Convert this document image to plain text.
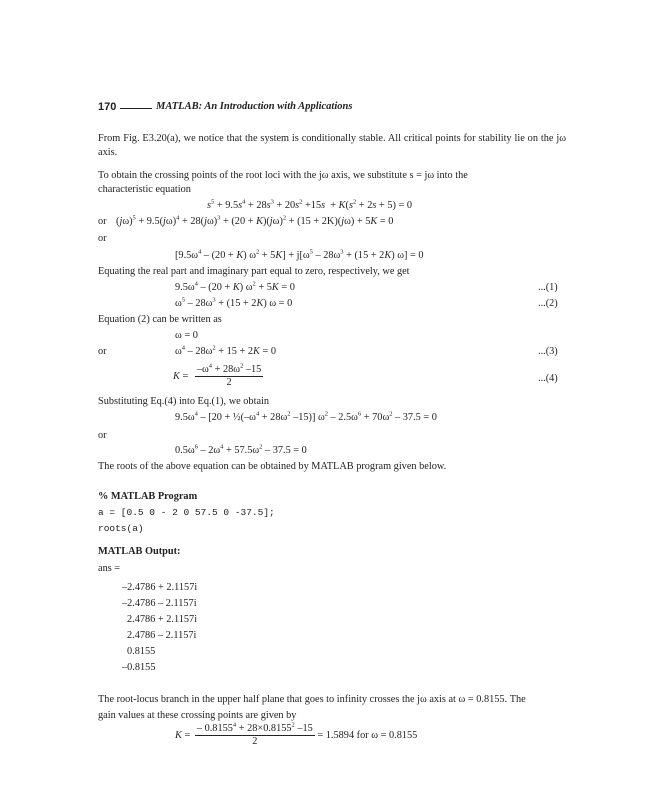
170	MATLAB: An Introduction with Applications
From Fig. E3.20(a), we notice that the system is conditionally stable. All critical points for stability lie on the jω axis.
To obtain the crossing points of the root loci with the jω axis, we substitute s = jω into the characteristic equation
$s^5 + 9.5s^4 + 28s^3 + 20s^2 +15s + K(s^2 + 2s + 5) = 0$
or $(j\omega)^5 + 9.5(j\omega)^4 + 28(j\omega)^3 + (20 + K)(j\omega)^2 + (15 + 2K)(j\omega) + 5K = 0$
or
$[9.5\omega^4 - (20 + K) \omega^2 + 5K] + j[\omega^5 - 28\omega^3 + (15 + 2K) \omega] = 0$
Equating the real part and imaginary part equal to zero, respectively, we get
$9.5\omega^4 - (20 + K) \omega^2 + 5K = 0$	...(1)
$\omega^5 - 28\omega^3 + (15 + 2K) \omega = 0$	...(2)
Equation (2) can be written as
ω = 0
or	$\omega^4 - 28\omega^2 + 15 + 2K = 0$	...(3)
$K = \frac{-\omega^4 + 28\omega^2 -15}{2}$	...(4)
Substituting Eq.(4) into Eq.(1), we obtain
$9.5\omega^4 - [20$ + $\frac{1}{2}(-\omega^4 + 28\omega^2$ –15)] $\omega^2 - 2.5\omega^6 + 70\omega^2 - 37.5 = 0$
or
$0.5\omega^6 - 2\omega^4 + 57.5\omega^2 - 37.5 = 0$
The roots of the above equation can be obtained by MATLAB program given below.
% MATLAB Program
a = [0.5 0 - 2 0 57.5 0 -37.5];
roots(a)
MATLAB Output:
ans =
–2.4786 + 2.1157i
–2.4786 – 2.1157i
2.4786 + 2.1157i
2.4786 – 2.1157i
0.8155
–0.8155
The root-locus branch in the upper half plane that goes to infinity crosses the jω axis at ω = 0.8155. The
gain values at these crossing points are given by
$K = \frac{- 0.8155^4 + 28\times 0.8155^2 -15}{2} = 1.5894$ for ω = 0.8155
